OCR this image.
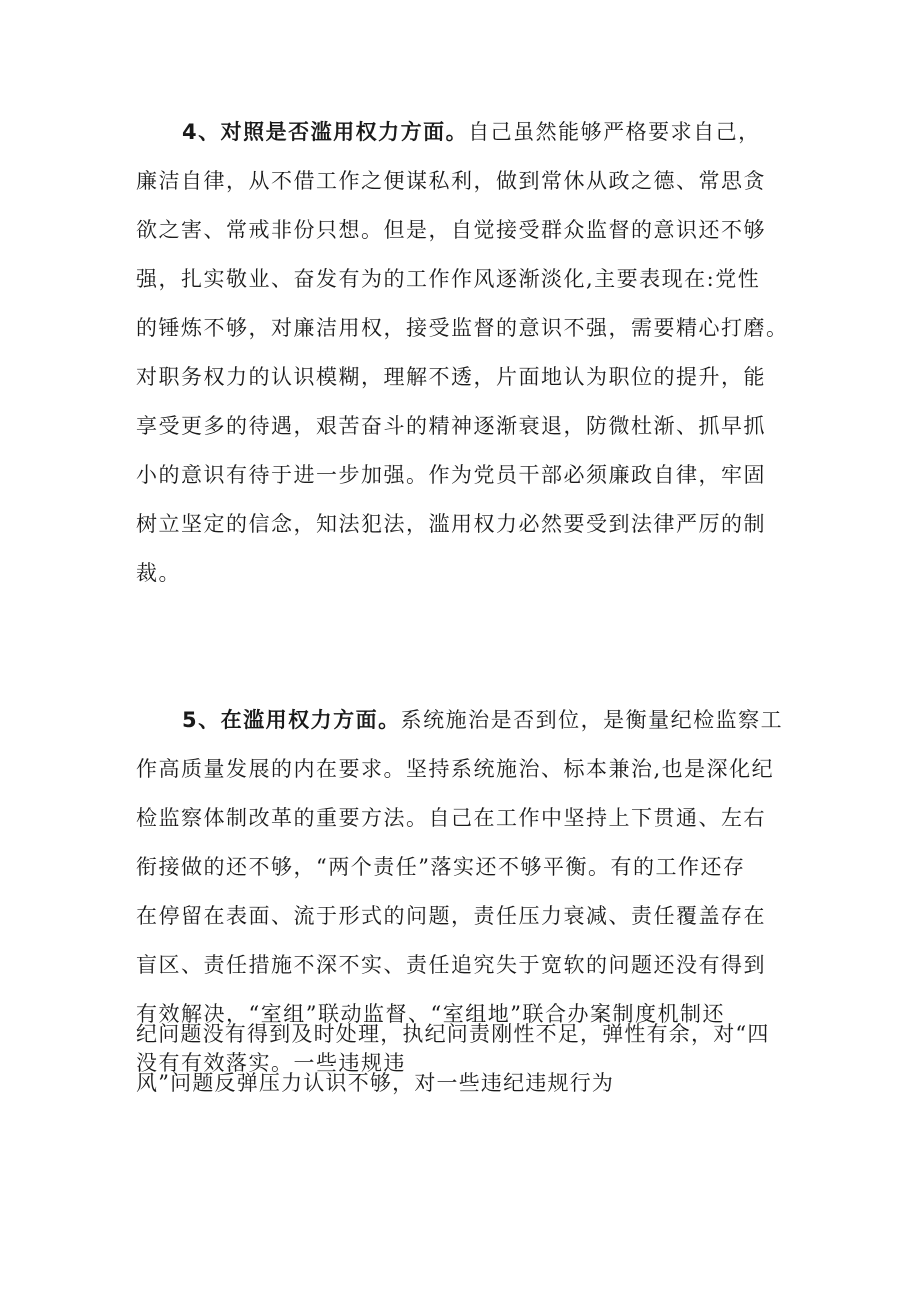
4、对照是否滥用权力方面。自己虽然能够严格要求自己，
廉洁自律，从不借工作之便谋私利，做到常休从政之德、常思贪
欲之害、常戒非份只想。但是，自觉接受群众监督的意识还不够
强，扎实敬业、奋发有为的工作作风逐渐淡化,主要表现在:党性
的锤炼不够，对廉洁用权，接受监督的意识不强，需要精心打磨。
对职务权力的认识模糊，理解不透，片面地认为职位的提升，能
享受更多的待遇，艰苦奋斗的精神逐渐衰退，防微杜渐、抓早抓
小的意识有待于进一步加强。作为党员干部必须廉政自律，牢固
树立坚定的信念，知法犯法，滥用权力必然要受到法律严厉的制
裁。
5、在滥用权力方面。系统施治是否到位，是衡量纪检监察工
作高质量发展的内在要求。坚持系统施治、标本兼治,也是深化纪
检监察体制改革的重要方法。自己在工作中坚持上下贯通、左右
衔接做的还不够，“两个责任”落实还不够平衡。有的工作还存
在停留在表面、流于形式的问题，责任压力衰减、责任覆盖存在
盲区、责任措施不深不实、责任追究失于宽软的问题还没有得到
有效解决，“室组”联动监督、“室组地”联合办案制度机制还
没有有效落实。一些违规违
纪问题没有得到及时处理，执纪问责刚性不足，弹性有余，对“四
风”问题反弹压力认识不够，对一些违纪违规行为
